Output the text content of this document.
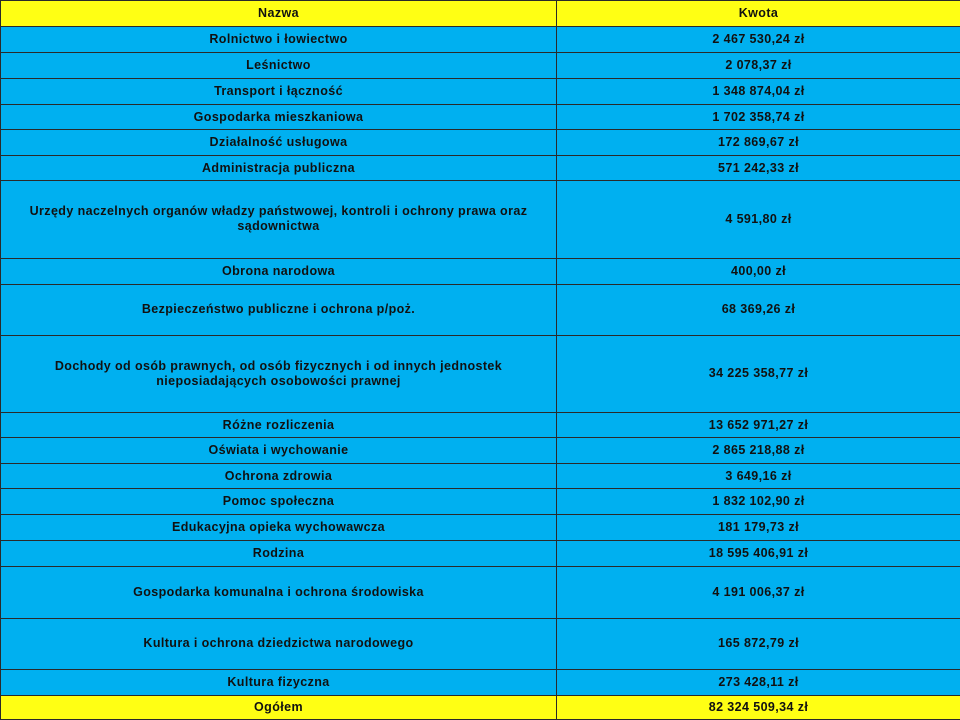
Nazwa	Kwota
Rolnictwo i łowiectwo	2 467 530,24 zł
Leśnictwo	2 078,37 zł
Transport i łączność	1 348 874,04 zł
Gospodarka mieszkaniowa	1 702 358,74 zł
Działalność usługowa	172 869,67 zł
Administracja publiczna	571 242,33 zł
Urzędy naczelnych organów władzy państwowej, kontroli i ochrony prawa oraz sądownictwa	4 591,80 zł
Obrona narodowa	400,00 zł
Bezpieczeństwo publiczne i ochrona p/poż.	68 369,26 zł
Dochody od osób prawnych, od osób fizycznych i od innych jednostek nieposiadających osobowości prawnej	34 225 358,77 zł
Różne rozliczenia	13 652 971,27 zł
Oświata i wychowanie	2 865 218,88 zł
Ochrona zdrowia	3 649,16 zł
Pomoc społeczna	1 832 102,90 zł
Edukacyjna opieka wychowawcza	181 179,73 zł
Rodzina	18 595 406,91 zł
Gospodarka komunalna i ochrona środowiska	4 191 006,37 zł
Kultura i ochrona dziedzictwa narodowego	165 872,79 zł
Kultura fizyczna	273 428,11 zł
Ogółem	82 324 509,34 zł
